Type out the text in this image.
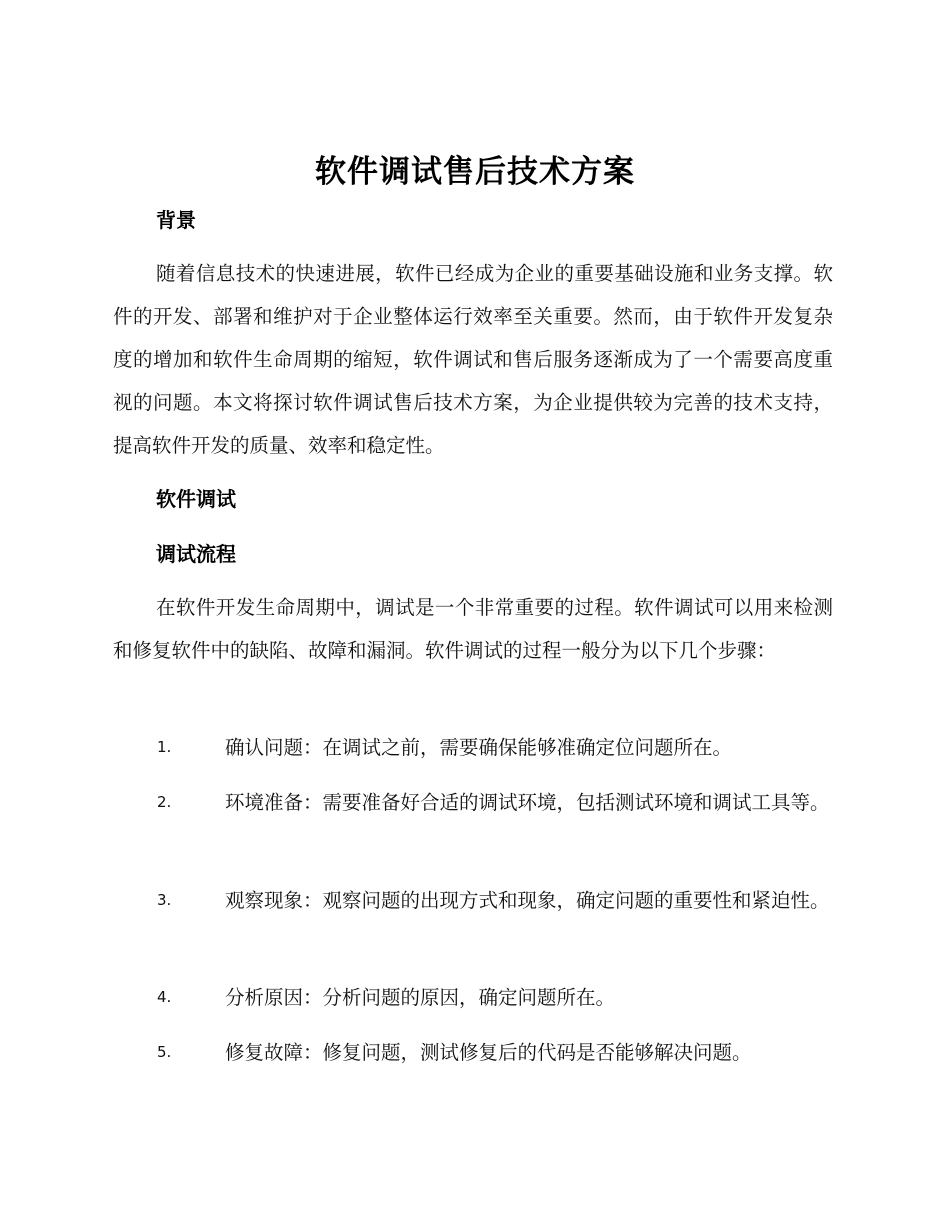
软件调试售后技术方案
背景

随着信息技术的快速进展，软件已经成为企业的重要基础设施和业务支撑。软件的开发、部署和维护对于企业整体运行效率至关重要。然而，由于软件开发复杂度的增加和软件生命周期的缩短，软件调试和售后服务逐渐成为了一个需要高度重视的问题。本文将探讨软件调试售后技术方案，为企业提供较为完善的技术支持，提高软件开发的质量、效率和稳定性。

软件调试
调试流程

在软件开发生命周期中，调试是一个非常重要的过程。软件调试可以用来检测和修复软件中的缺陷、故障和漏洞。软件调试的过程一般分为以下几个步骤：

1.	确认问题：在调试之前，需要确保能够准确定位问题所在。
2.	环境准备：需要准备好合适的调试环境，包括测试环境和调试工具等。
3.	观察现象：观察问题的出现方式和现象，确定问题的重要性和紧迫性。
4.	分析原因：分析问题的原因，确定问题所在。
5.	修复故障：修复问题，测试修复后的代码是否能够解决问题。
